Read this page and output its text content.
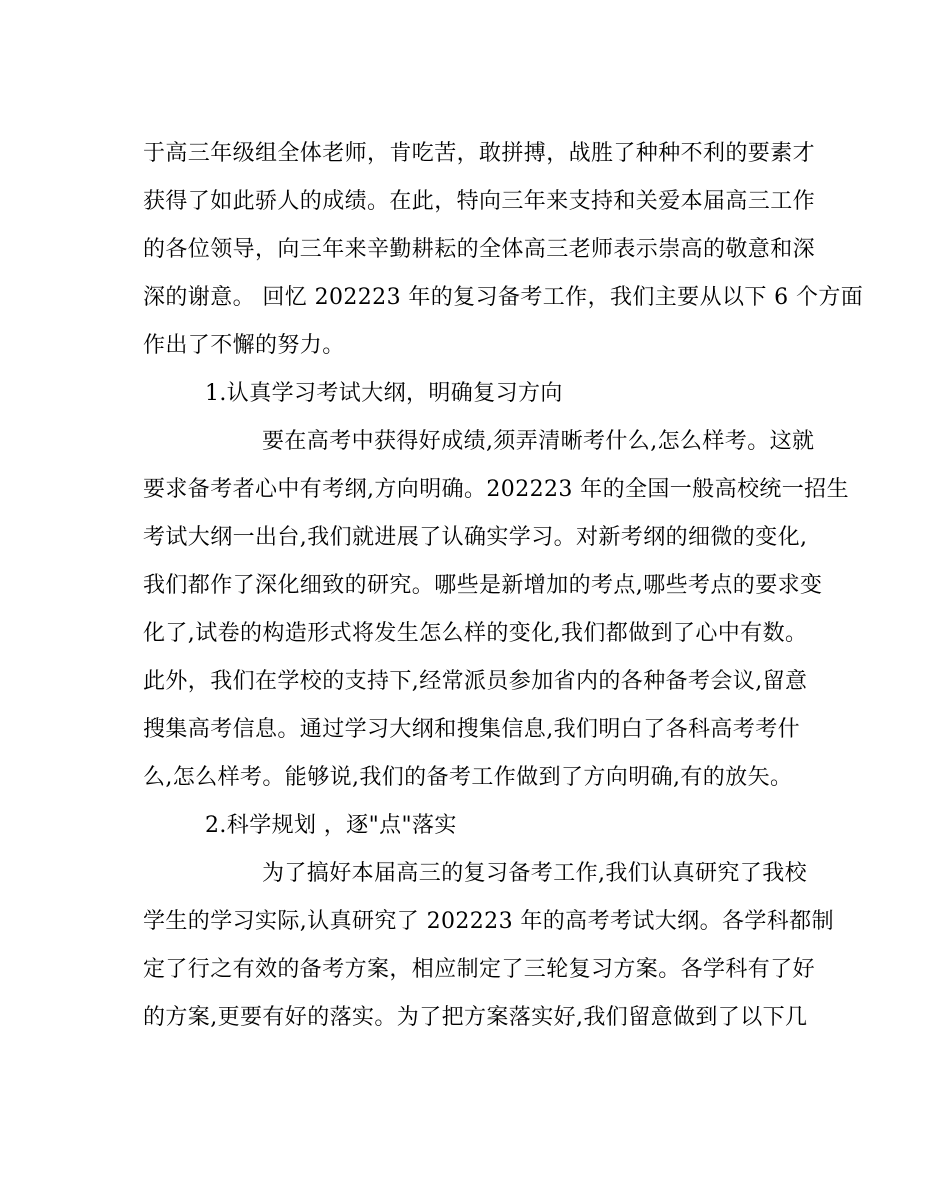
于高三年级组全体老师，肯吃苦，敢拼搏，战胜了种种不利的要素才
获得了如此骄人的成绩。在此，特向三年来支持和关爱本届高三工作
的各位领导，向三年来辛勤耕耘的全体高三老师表示崇高的敬意和深
深的谢意。 回忆 202223 年的复习备考工作，我们主要从以下 6 个方面
作出了不懈的努力。
1.认真学习考试大纲，明确复习方向
要在高考中获得好成绩,须弄清晰考什么,怎么样考。这就
要求备考者心中有考纲,方向明确。202223 年的全国一般高校统一招生
考试大纲一出台,我们就进展了认确实学习。对新考纲的细微的变化,
我们都作了深化细致的研究。哪些是新增加的考点,哪些考点的要求变
化了,试卷的构造形式将发生怎么样的变化,我们都做到了心中有数。
此外，我们在学校的支持下,经常派员参加省内的各种备考会议,留意
搜集高考信息。通过学习大纲和搜集信息,我们明白了各科高考考什
么,怎么样考。能够说,我们的备考工作做到了方向明确,有的放矢。
2.科学规划 ，逐"点"落实
为了搞好本届高三的复习备考工作,我们认真研究了我校
学生的学习实际,认真研究了 202223 年的高考考试大纲。各学科都制
定了行之有效的备考方案，相应制定了三轮复习方案。各学科有了好
的方案,更要有好的落实。为了把方案落实好,我们留意做到了以下几
